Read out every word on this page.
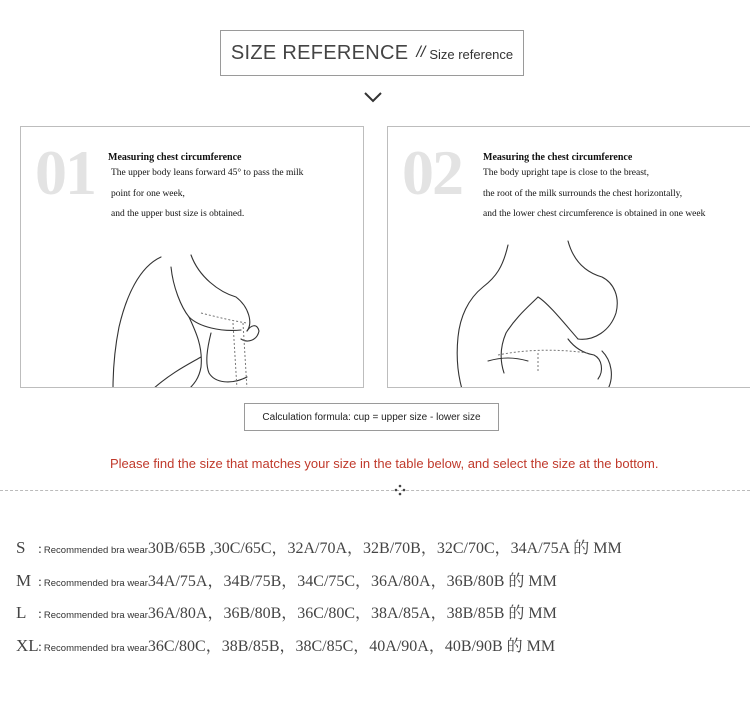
SIZE REFERENCE // Size reference
01 Measuring chest circumference
The upper body leans forward 45° to pass the milk
point for one week,
and the upper bust size is obtained.
02 Measuring the chest circumference
The body upright tape is close to the breast,
the root of the milk surrounds the chest horizontally,
and the lower chest circumference is obtained in one week
Calculation formula: cup = upper size - lower size
Please find the size that matches your size in the table below, and select the size at the bottom.
S : Recommended bra wear 30B/65B ,30C/65C，32A/70A，32B/70B，32C/70C，34A/75A 的 MM
M : Recommended bra wear 34A/75A，34B/75B，34C/75C，36A/80A，36B/80B 的 MM
L : Recommended bra wear 36A/80A，36B/80B，36C/80C，38A/85A，38B/85B 的 MM
XL : Recommended bra wear 36C/80C，38B/85B，38C/85C，40A/90A，40B/90B 的 MM
